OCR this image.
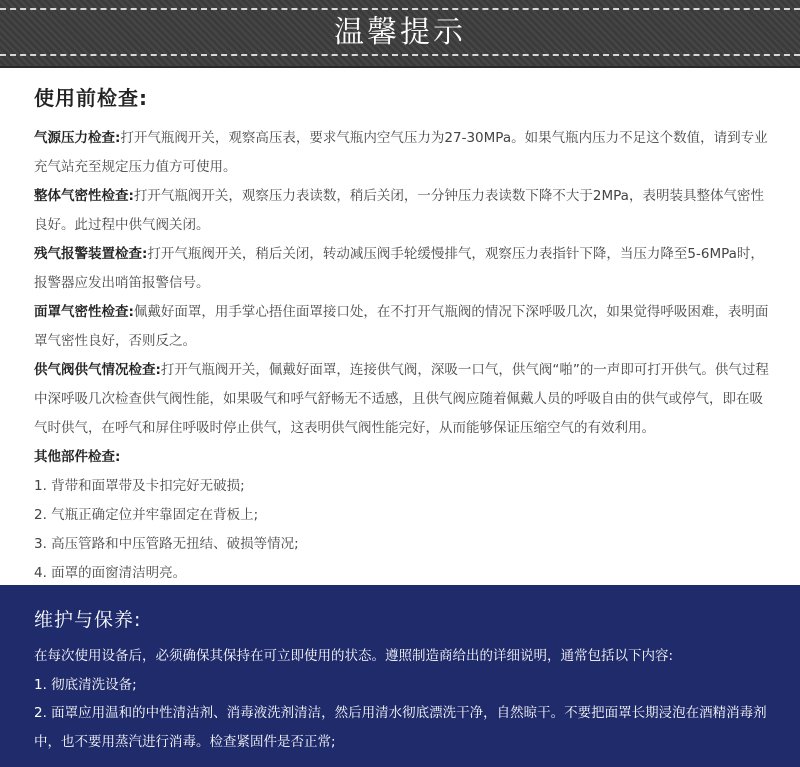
温馨提示
使用前检查:

气源压力检查:打开气瓶阀开关，观察高压表，要求气瓶内空气压力为27-30MPa。如果气瓶内压力不足这个数值，请到专业充气站充至规定压力值方可使用。

整体气密性检查:打开气瓶阀开关，观察压力表读数，稍后关闭，一分钟压力表读数下降不大于2MPa，表明装具整体气密性良好。此过程中供气阀关闭。

残气报警装置检查:打开气瓶阀开关，稍后关闭，转动减压阀手轮缓慢排气，观察压力表指针下降，当压力降至5-6MPa时，报警器应发出哨笛报警信号。

面罩气密性检查:佩戴好面罩，用手掌心捂住面罩接口处，在不打开气瓶阀的情况下深呼吸几次，如果觉得呼吸困难，表明面罩气密性良好，否则反之。

供气阀供气情况检查:打开气瓶阀开关，佩戴好面罩，连接供气阀，深吸一口气，供气阀“啪”的一声即可打开供气。供气过程中深呼吸几次检查供气阀性能，如果吸气和呼气舒畅无不适感，且供气阀应随着佩戴人员的呼吸自由的供气或停气，即在吸气时供气，在呼气和屏住呼吸时停止供气，这表明供气阀性能完好，从而能够保证压缩空气的有效利用。

其他部件检查:

1. 背带和面罩带及卡扣完好无破损;

2. 气瓶正确定位并牢靠固定在背板上;

3. 高压管路和中压管路无扭结、破损等情况;

4. 面罩的面窗清洁明亮。

维护与保养:

在每次使用设备后，必须确保其保持在可立即使用的状态。遵照制造商给出的详细说明，通常包括以下内容:

1. 彻底清洗设备;

2. 面罩应用温和的中性清洁剂、消毒液洗剂清洁，然后用清水彻底漂洗干净，自然晾干。不要把面罩长期浸泡在酒精消毒剂中，也不要用蒸汽进行消毒。检查紧固件是否正常;
